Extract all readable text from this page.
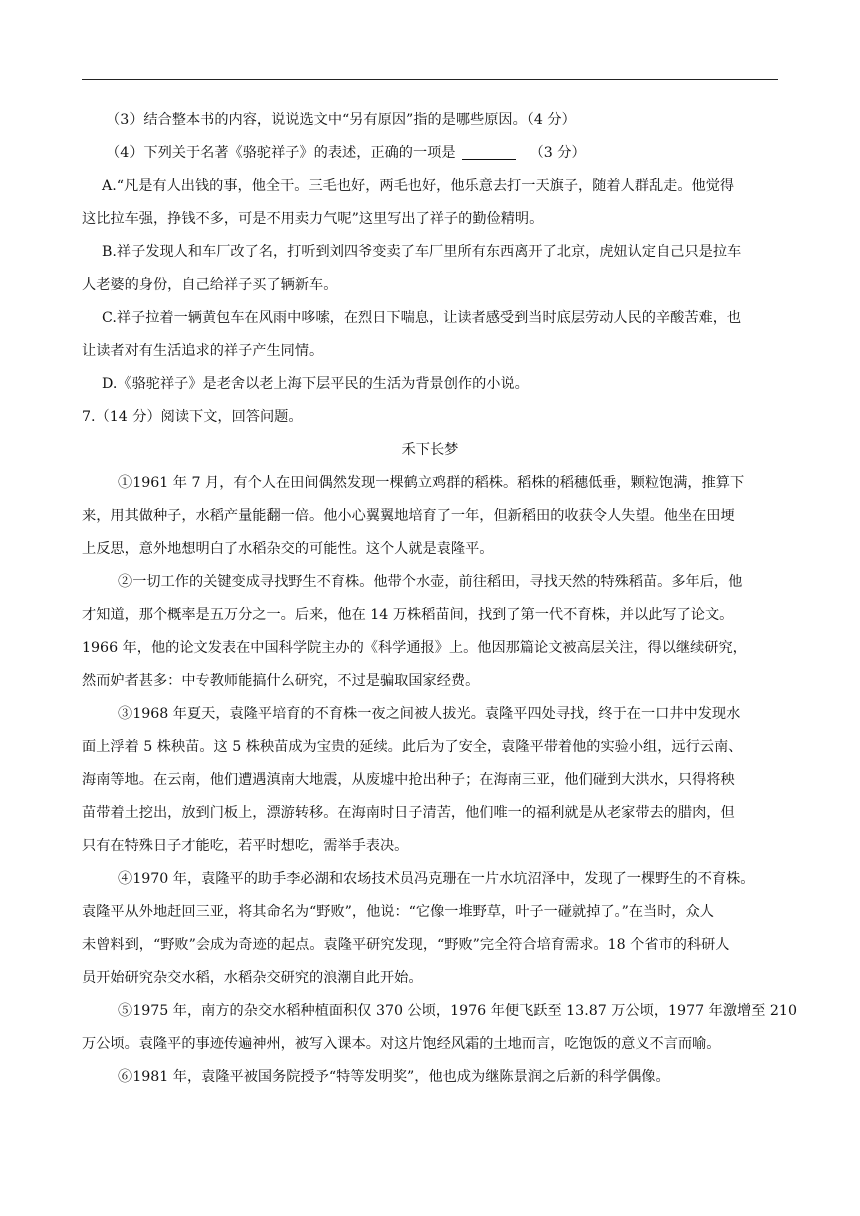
（3）结合整本书的内容，说说选文中“另有原因”指的是哪些原因。（4 分）
（4）下列关于名著《骆驼祥子》的表述，正确的一项是	（3 分）
A.“凡是有人出钱的事，他全干。三毛也好，两毛也好，他乐意去打一天旗子，随着人群乱走。他觉得
这比拉车强，挣钱不多，可是不用卖力气呢”这里写出了祥子的勤俭精明。
B.祥子发现人和车厂改了名，打听到刘四爷变卖了车厂里所有东西离开了北京，虎妞认定自己只是拉车
人老婆的身份，自己给祥子买了辆新车。
C.祥子拉着一辆黄包车在风雨中哆嗦，在烈日下喘息，让读者感受到当时底层劳动人民的辛酸苦难，也
让读者对有生活追求的祥子产生同情。
D.《骆驼祥子》是老舍以老上海下层平民的生活为背景创作的小说。
7.（14 分）阅读下文，回答问题。
禾下长梦
①1961 年 7 月，有个人在田间偶然发现一棵鹤立鸡群的稻株。稻株的稻穗低垂，颗粒饱满，推算下
来，用其做种子，水稻产量能翻一倍。他小心翼翼地培育了一年，但新稻田的收获令人失望。他坐在田埂
上反思，意外地想明白了水稻杂交的可能性。这个人就是袁隆平。
②一切工作的关键变成寻找野生不育株。他带个水壶，前往稻田，寻找天然的特殊稻苗。多年后，他
才知道，那个概率是五万分之一。后来，他在 14 万株稻苗间，找到了第一代不育株，并以此写了论文。
1966 年，他的论文发表在中国科学院主办的《科学通报》上。他因那篇论文被高层关注，得以继续研究，
然而妒者甚多：中专教师能搞什么研究，不过是骗取国家经费。
③1968 年夏天，袁隆平培育的不育株一夜之间被人拔光。袁隆平四处寻找，终于在一口井中发现水
面上浮着 5 株秧苗。这 5 株秧苗成为宝贵的延续。此后为了安全，袁隆平带着他的实验小组，远行云南、
海南等地。在云南，他们遭遇滇南大地震，从废墟中抢出种子；在海南三亚，他们碰到大洪水，只得将秧
苗带着土挖出，放到门板上，漂游转移。在海南时日子清苦，他们唯一的福利就是从老家带去的腊肉，但
只有在特殊日子才能吃，若平时想吃，需举手表决。
④1970 年，袁隆平的助手李必湖和农场技术员冯克珊在一片水坑沼泽中，发现了一棵野生的不育株。
袁隆平从外地赶回三亚，将其命名为“野败”，他说：“它像一堆野草，叶子一碰就掉了。”在当时，众人
未曾料到，“野败”会成为奇迹的起点。袁隆平研究发现，“野败”完全符合培育需求。18 个省市的科研人
员开始研究杂交水稻，水稻杂交研究的浪潮自此开始。
⑤1975 年，南方的杂交水稻种植面积仅 370 公顷，1976 年便飞跃至 13.87 万公顷，1977 年激增至 210
万公顷。袁隆平的事迹传遍神州，被写入课本。对这片饱经风霜的土地而言，吃饱饭的意义不言而喻。
⑥1981 年，袁隆平被国务院授予“特等发明奖”，他也成为继陈景润之后新的科学偶像。
